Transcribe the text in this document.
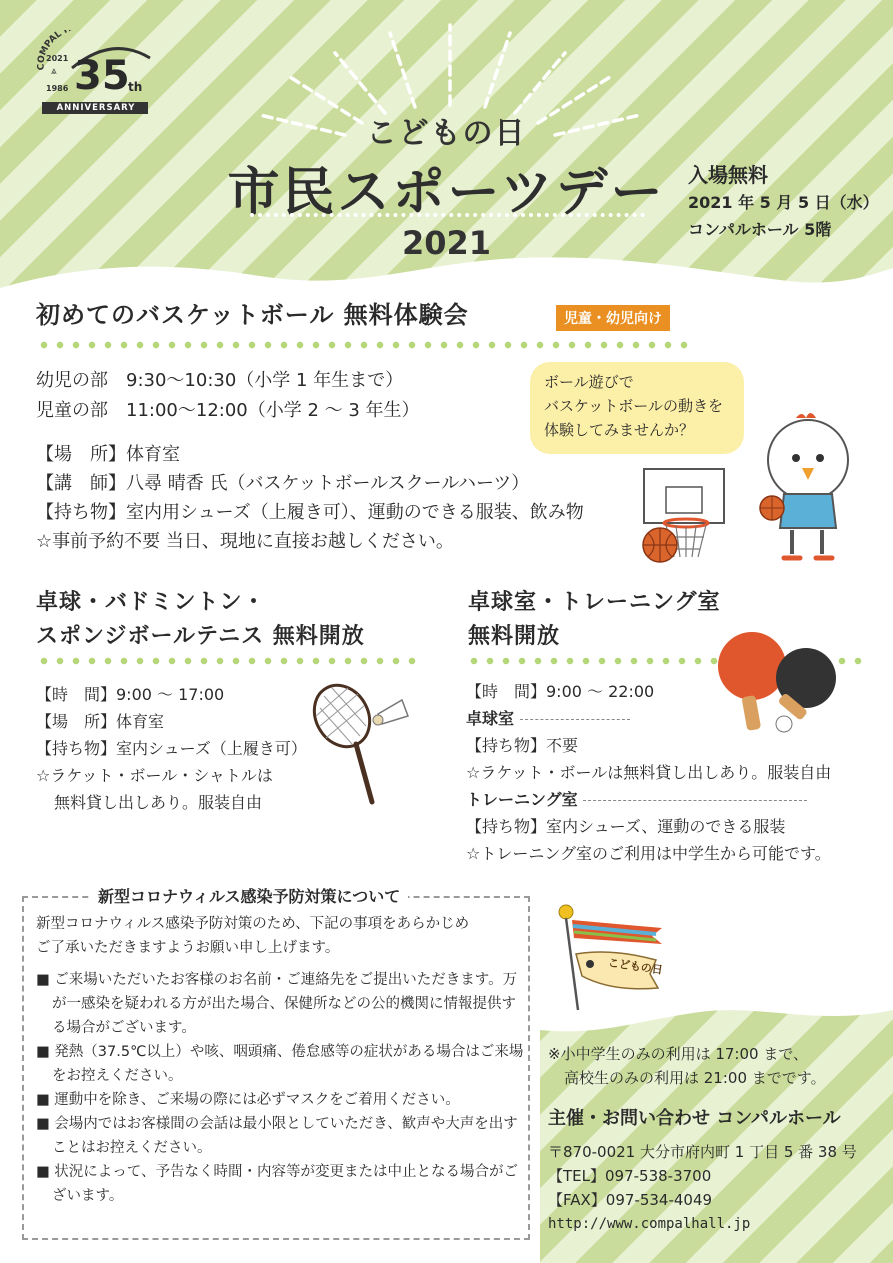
COMPAL
2021
⩓
1986 35
th
ANNIVERSARY
こどもの日
市民スポーツデー
2021
入場無料
2021 年 5 月 5 日（水）
コンパルホール 5階
初めてのバスケットボール 無料体験会	児童・幼児向け
幼児の部　9:30〜10:30（小学 1 年生まで）
児童の部　11:00〜12:00（小学 2 〜 3 年生）
【場　所】体育室
【講　師】八尋 晴香 氏（バスケットボールスクールハーツ）
【持ち物】室内用シューズ（上履き可）、運動のできる服装、飲み物
☆事前予約不要 当日、現地に直接お越しください。
ボール遊びで
バスケットボールの動きを
体験してみませんか？
卓球・バドミントン・
スポンジボールテニス 無料開放
【時　間】9:00 〜 17:00
【場　所】体育室
【持ち物】室内シューズ（上履き可）
☆ラケット・ボール・シャトルは
無料貸し出しあり。服装自由
卓球室・トレーニング室
無料開放
【時　間】9:00 〜 22:00
卓球室
【持ち物】不要
☆ラケット・ボールは無料貸し出しあり。服装自由
トレーニング室
【持ち物】室内シューズ、運動のできる服装
☆トレーニング室のご利用は中学生から可能です。
新型コロナウィルス感染予防対策について
新型コロナウィルス感染予防対策のため、下記の事項をあらかじめ
ご了承いただきますようお願い申し上げます。
■ ご来場いただいたお客様のお名前・ご連絡先をご提出いただきます。万が一感染を疑われる方が出た場合、保健所などの公的機関に情報提供する場合がございます。
■ 発熱（37.5℃以上）や咳、咽頭痛、倦怠感等の症状がある場合はご来場をお控えください。
■ 運動中を除き、ご来場の際には必ずマスクをご着用ください。
■ 会場内ではお客様間の会話は最小限としていただき、歓声や大声を出すことはお控えください。
■ 状況によって、予告なく時間・内容等が変更または中止となる場合がございます。
こどもの日
※小中学生のみの利用は 17:00 まで、
高校生のみの利用は 21:00 までです。
主催・お問い合わせ コンパルホール
〒870-0021 大分市府内町 1 丁目 5 番 38 号
【TEL】097-538-3700
【FAX】097-534-4049
http://www.compalhall.jp
